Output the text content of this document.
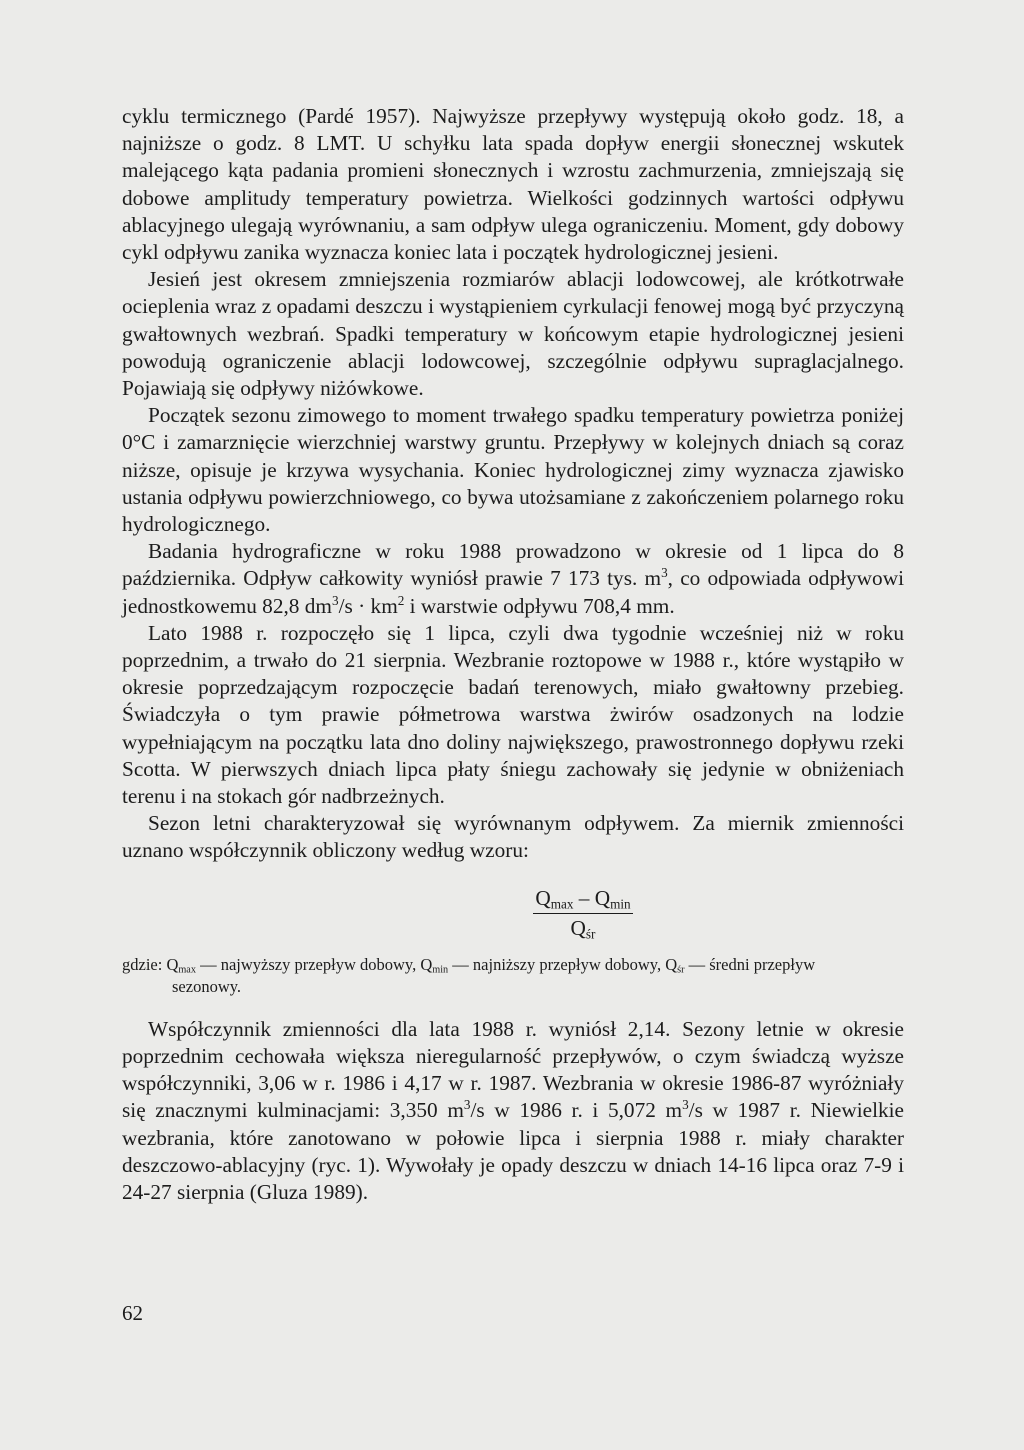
cyklu termicznego (Pardé 1957). Najwyższe przepływy występują około godz. 18, a najniższe o godz. 8 LMT. U schyłku lata spada dopływ energii słonecznej wskutek malejącego kąta padania promieni słonecznych i wzrostu zachmurzenia, zmniejszają się dobowe amplitudy temperatury powietrza. Wielkości godzinnych wartości odpływu ablacyjnego ulegają wyrównaniu, a sam odpływ ulega ograniczeniu. Moment, gdy dobowy cykl odpływu zanika wyznacza koniec lata i początek hydrologicznej jesieni.

Jesień jest okresem zmniejszenia rozmiarów ablacji lodowcowej, ale krótkotrwałe ocieplenia wraz z opadami deszczu i wystąpieniem cyrkulacji fenowej mogą być przyczyną gwałtownych wezbrań. Spadki temperatury w końcowym etapie hydrologicznej jesieni powodują ograniczenie ablacji lodowcowej, szczególnie odpływu supraglacjalnego. Pojawiają się odpływy niżówkowe.

Początek sezonu zimowego to moment trwałego spadku temperatury powietrza poniżej 0°C i zamarznięcie wierzchniej warstwy gruntu. Przepływy w kolejnych dniach są coraz niższe, opisuje je krzywa wysychania. Koniec hydrologicznej zimy wyznacza zjawisko ustania odpływu powierzchniowego, co bywa utożsamiane z zakończeniem polarnego roku hydrologicznego.

Badania hydrograficzne w roku 1988 prowadzono w okresie od 1 lipca do 8 października. Odpływ całkowity wyniósł prawie 7 173 tys. $m^3$, co odpowiada odpływowi jednostkowemu 82,8 $dm^3/s \cdot km^2$ i warstwie odpływu 708,4 mm.

Lato 1988 r. rozpoczęło się 1 lipca, czyli dwa tygodnie wcześniej niż w roku poprzednim, a trwało do 21 sierpnia. Wezbranie roztopowe w 1988 r., które wystąpiło w okresie poprzedzającym rozpoczęcie badań terenowych, miało gwałtowny przebieg. Świadczyła o tym prawie półmetrowa warstwa żwirów osadzonych na lodzie wypełniającym na początku lata dno doliny największego, prawostronnego dopływu rzeki Scotta. W pierwszych dniach lipca płaty śniegu zachowały się jedynie w obniżeniach terenu i na stokach gór nadbrzeżnych.

Sezon letni charakteryzował się wyrównanym odpływem. Za miernik zmienności uznano współczynnik obliczony według wzoru:

$Q_{max} - Q_{min}$
$Q_{śr}$
gdzie: $Q_{max}$ — najwyższy przepływ dobowy, $Q_{min}$ — najniższy przepływ dobowy, $Q_{śr}$ — średni przepływ
sezonowy.

Współczynnik zmienności dla lata 1988 r. wyniósł 2,14. Sezony letnie w okresie poprzednim cechowała większa nieregularność przepływów, o czym świadczą wyższe współczynniki, 3,06 w r. 1986 i 4,17 w r. 1987. Wezbrania w okresie 1986-87 wyróżniały się znacznymi kulminacjami: 3,350 $m^3/s$ w 1986 r. i 5,072 $m^3/s$ w 1987 r. Niewielkie wezbrania, które zanotowano w połowie lipca i sierpnia 1988 r. miały charakter deszczowo-ablacyjny (ryc. 1). Wywołały je opady deszczu w dniach 14-16 lipca oraz 7-9 i 24-27 sierpnia (Gluza 1989).

62
